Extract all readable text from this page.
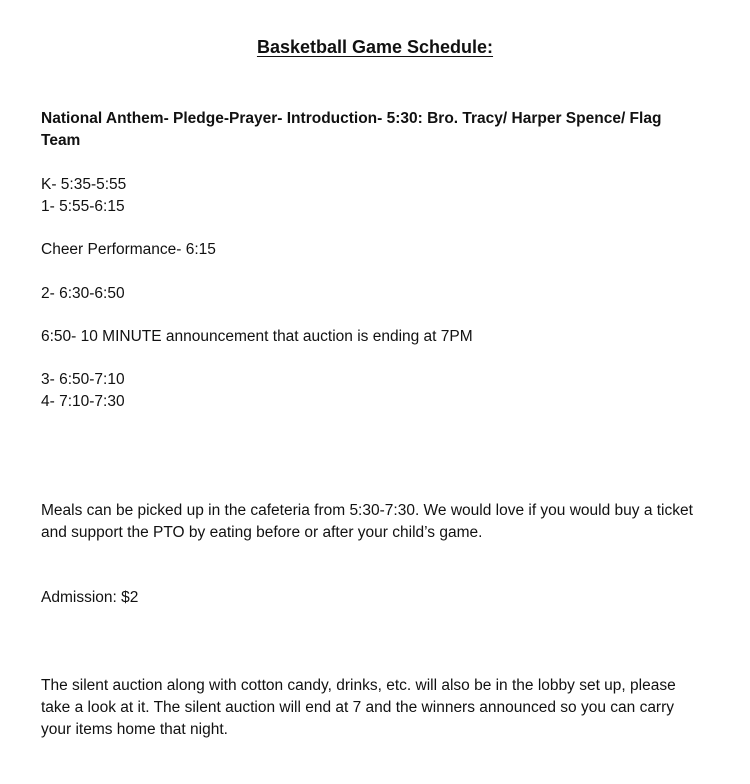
Basketball Game Schedule:
National Anthem- Pledge-Prayer- Introduction- 5:30: Bro. Tracy/ Harper Spence/ Flag
Team
K- 5:35-5:55
1- 5:55-6:15
Cheer Performance- 6:15
2- 6:30-6:50
6:50- 10 MINUTE announcement that auction is ending at 7PM
3- 6:50-7:10
4- 7:10-7:30
Meals can be picked up in the cafeteria from 5:30-7:30. We would love if you would buy a ticket
and support the PTO by eating before or after your child’s game.
Admission: $2
The silent auction along with cotton candy, drinks, etc. will also be in the lobby set up, please
take a look at it. The silent auction will end at 7 and the winners announced so you can carry
your items home that night.
